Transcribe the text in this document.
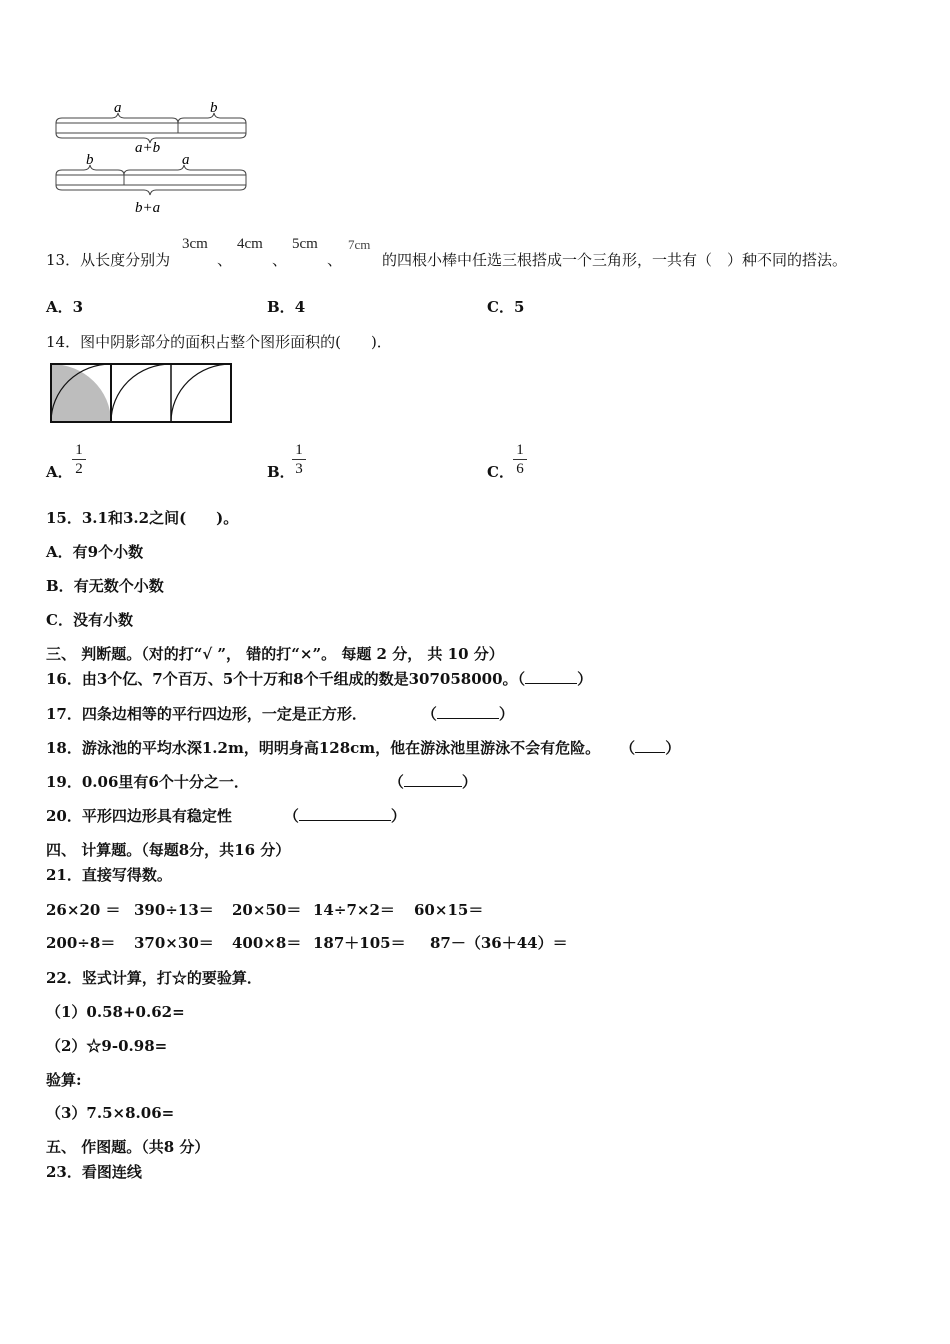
a	b
a+b
b	a
b+a
13．从长度分别为
3cm
、
4cm
、
5cm
、
7cm
的四根小棒中任选三根搭成一个三角形，一共有（　）种不同的搭法。
A．3	B．4	C．5
14．图中阴影部分的面积占整个图形面积的(　　)．
A．
1
2	B．
1
3	C．
1
6
15．3.1和3.2之间(　　)。
A．有9个小数
B．有无数个小数
C．没有小数
三、 判断题。（对的打“√ ”， 错的打“×”。 每题 2 分， 共 10 分）
16．由3个亿、7个百万、5个十万和8个千组成的数是307058000。（	）
17．四条边相等的平行四边形，一定是正方形．	（	）
18．游泳池的平均水深1.2m，明明身高128cm，他在游泳池里游泳不会有危险。 （ ）
19．0.06里有6个十分之一．	（	）
20．平形四边形具有稳定性	（	）
四、 计算题。（每题8分，共16 分）
21．直接写得数。
26×20 ＝ 390÷13＝ 20×50＝ 14÷7×2＝ 60×15＝
200÷8＝ 370×30＝ 400×8＝ 187＋105＝ 87－（36＋44）＝
22．竖式计算，打☆的要验算．
（1）0.58+0.62=
（2）☆9-0.98=
验算:
（3）7.5×8.06=
五、 作图题。（共8 分）
23．看图连线
